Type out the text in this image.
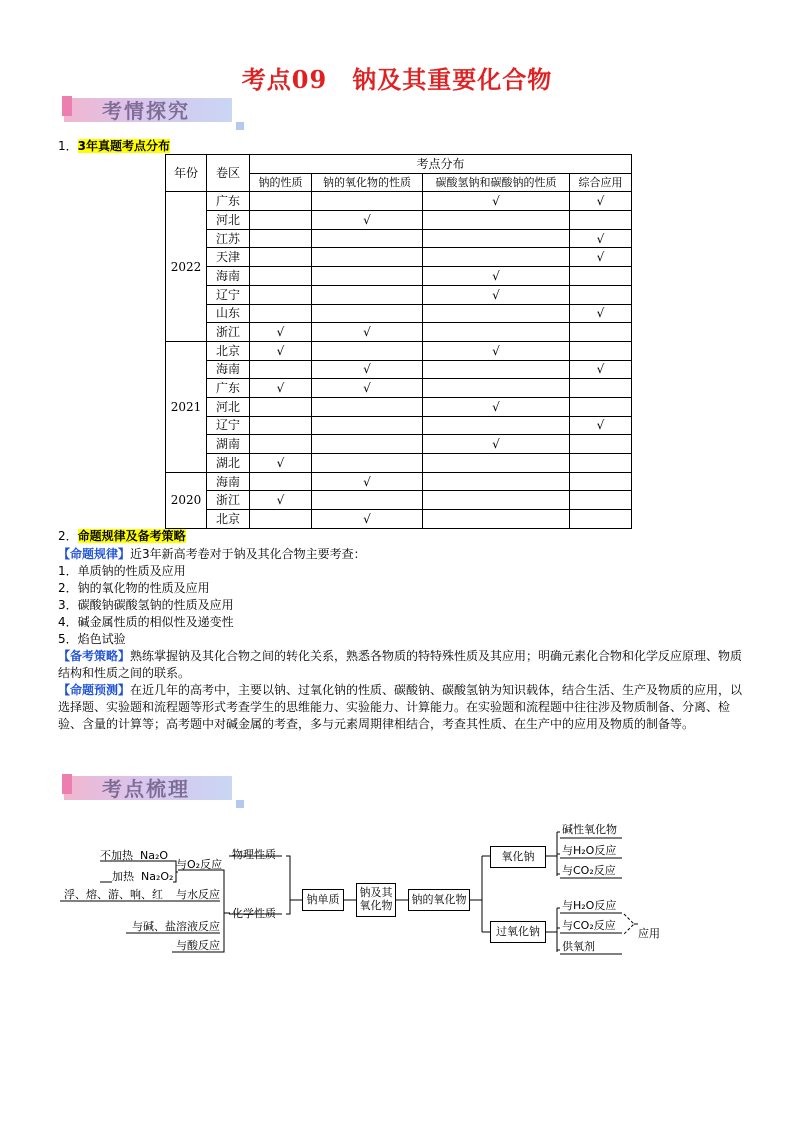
考点09　钠及其重要化合物
考情探究
1．3年真题考点分布
年份	卷区	考点分布			
		钠的性质	钠的氧化物的性质	碳酸氢钠和碳酸钠的性质	综合应用
2022	广东			√	√
	河北		√		
	江苏				√
	天津				√
	海南			√	
	辽宁			√	
	山东				√
	浙江	√	√		
2021	北京	√		√	
	海南		√		√
	广东	√	√		
	河北			√	
	辽宁				√
	湖南			√	
	湖北	√			
2020	海南		√		
	浙江	√			
	北京		√		
2．命题规律及备考策略

【命题规律】近3年新高考卷对于钠及其化合物主要考查：

1．单质钠的性质及应用

2．钠的氧化物的性质及应用

3．碳酸钠碳酸氢钠的性质及应用

4．碱金属性质的相似性及递变性

5．焰色试验

【备考策略】熟练掌握钠及其化合物之间的转化关系，熟悉各物质的特特殊性质及其应用；明确元素化合物和化学反应原理、物质结构和性质之间的联系。

【命题预测】在近几年的高考中，主要以钠、过氧化钠的性质、碳酸钠、碳酸氢钠为知识载体，结合生活、生产及物质的应用，以选择题、实验题和流程题等形式考查学生的思维能力、实验能力、计算能力。在实验题和流程题中往往涉及物质制备、分离、检验、含量的计算等；高考题中对碱金属的考查，多与元素周期律相结合，考查其性质、在生产中的应用及物质的制备等。

考点梳理
不加热 Na₂O
加热 Na₂O₂
与O₂反应
浮、熔、游、响、红 与水反应
与碱、盐溶液反应
与酸反应
物理性质
化学性质
钠单质
钠及其
氧化物	钠的氧化物
氧化钠
过氧化钠
碱性氧化物
与H₂O反应
与CO₂反应
与H₂O反应
与CO₂反应
供氧剂
应用
